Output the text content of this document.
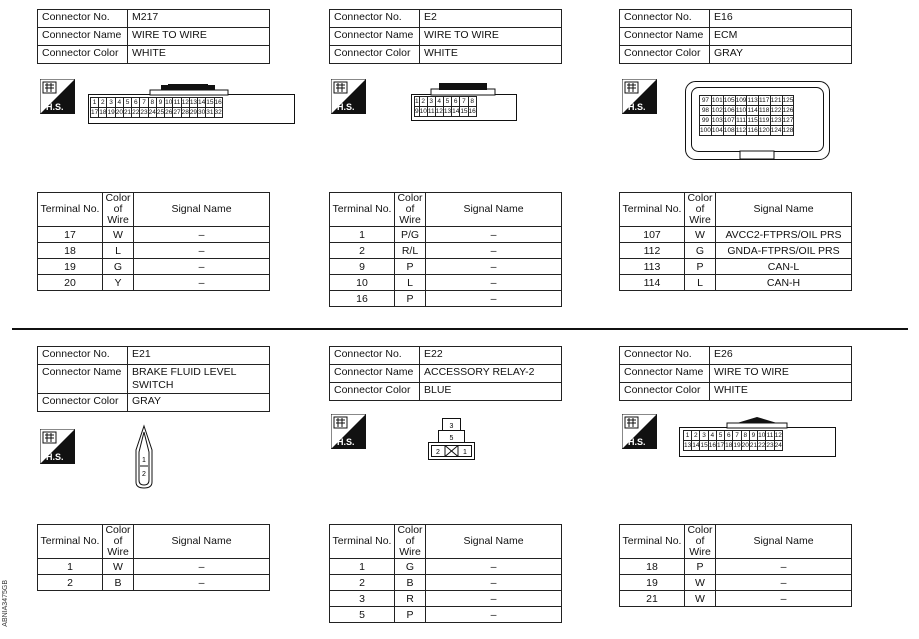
Connector No.	M217
Connector Name	WIRE TO WIRE
Connector Color	WHITE
H.S.	1	2	3	4	5	6	7	8	9	10	11	12	13	14	15	16
17	18	19	20	21	22	23	24	25	26	27	28	29	30	31	32
Terminal No.	Color of Wire	Signal Name
17	W	–
18	L	–
19	G	–
20	Y	–
Connector No.	E2
Connector Name	WIRE TO WIRE
Connector Color	WHITE
H.S.
1	2	3	4	5	6	7	8
9	10	11	12	13	14	15	16
Terminal No.	Color of Wire	Signal Name
1	P/G	–
2	R/L	–
9	P	–
10	L	–
16	P	–
Connector No.	E16
Connector Name	ECM
Connector Color	GRAY
H.S.
97	101	105	109	113	117	121	125
98	102	106	110	114	118	122	126
99	103	107	111	115	119	123	127
100	104	108	112	116	120	124	128
Terminal No.	Color of Wire	Signal Name
107	W	AVCC2-FTPRS/OIL PRS
112	G	GNDA-FTPRS/OIL PRS
113	P	CAN-L
114	L	CAN-H
Connector No.	E21
Connector Name	BRAKE FLUID LEVEL SWITCH
Connector Color	GRAY
H.S.	1
2
Terminal No.	Color of Wire	Signal Name
1	W	–
2	B	–
Connector No.	E22
Connector Name	ACCESSORY RELAY-2
Connector Color	BLUE
H.S.
3
5
2	1
Terminal No.	Color of Wire	Signal Name
1	G	–
2	B	–
3	R	–
5	P	–
Connector No.	E26
Connector Name	WIRE TO WIRE
Connector Color	WHITE
H.S.
1	2	3	4	5	6	7	8	9	10	11	12
13	14	15	16	17	18	19	20	21	22	23	24
Terminal No.	Color of Wire	Signal Name
18	P	–
19	W	–
21	W	–
ABNIA3475GB
